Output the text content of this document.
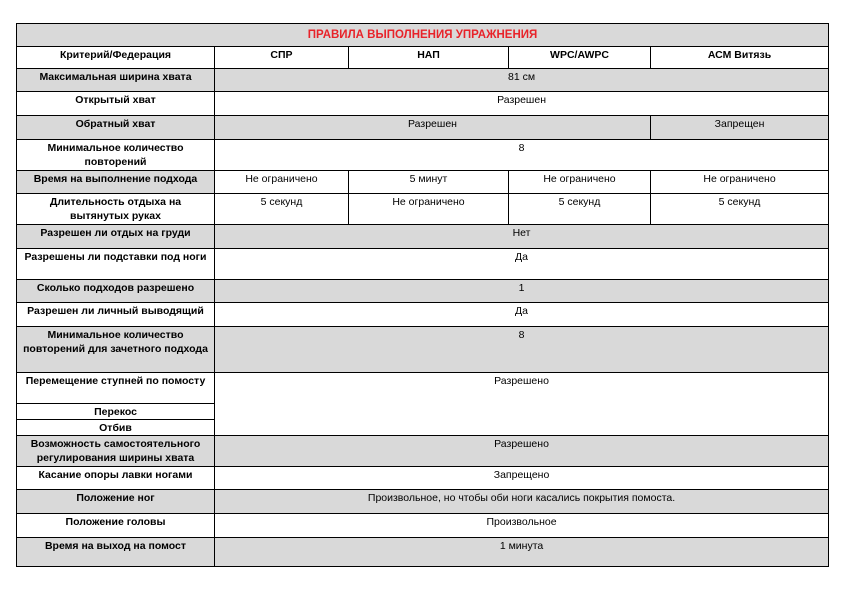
ПРАВИЛА ВЫПОЛНЕНИЯ УПРАЖНЕНИЯ				
Критерий/Федерация	СПР	НАП	WPC/AWPC	АСМ Витязь
Максимальная ширина хвата	81 см			
Открытый хват	Разрешен			
Обратный хват	Разрешен			Запрещен
Минимальное количество повторений	8			
Время на выполнение подхода	Не ограничено	5 минут	Не ограничено	Не ограничено
Длительность отдыха на вытянутых руках	5 секунд	Не ограничено	5 секунд	5 секунд
Разрешен ли отдых на груди	Нет			
Разрешены ли подставки под ноги	Да			
Сколько подходов разрешено	1			
Разрешен ли личный выводящий	Да			
Минимальное количество повторений для зачетного подхода	8			
Перемещение ступней по помосту	Разрешено			
Перекос				
Отбив				
Возможность самостоятельного регулирования ширины хвата	Разрешено			
Касание опоры лавки ногами	Запрещено			
Положение ног	Произвольное, но чтобы оби ноги касались покрытия помоста.			
Положение головы	Произвольное			
Время на выход на помост	1 минута			
